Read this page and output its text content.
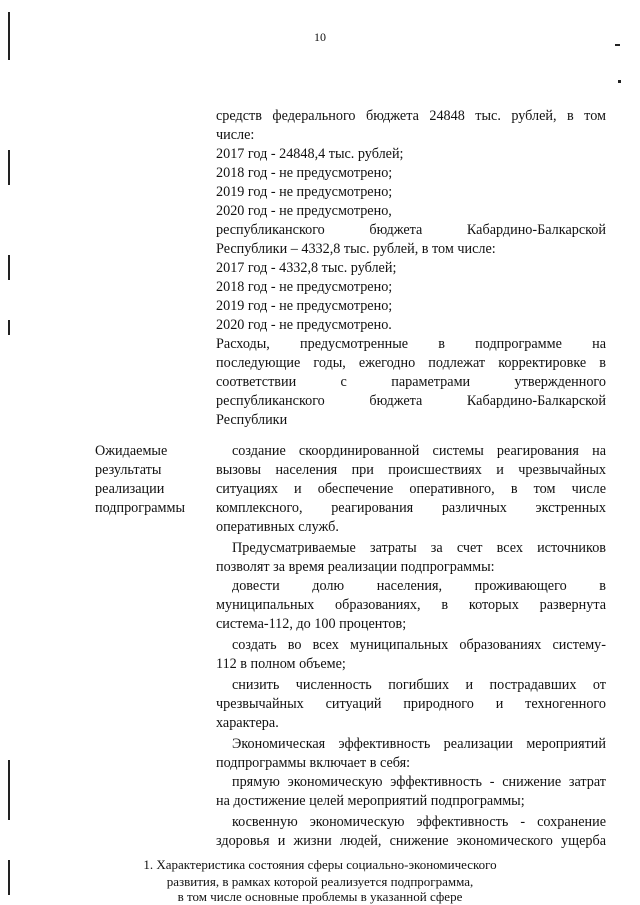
10
средств федерального бюджета 24848 тыс. рублей, в том
числе:
2017 год - 24848,4 тыс. рублей;
2018 год - не предусмотрено;
2019 год - не предусмотрено;
2020 год - не предусмотрено,
республиканского бюджета Кабардино-Балкарской
Республики – 4332,8 тыс. рублей, в том числе:
2017 год - 4332,8 тыс. рублей;
2018 год - не предусмотрено;
2019 год - не предусмотрено;
2020 год - не предусмотрено.
Расходы, предусмотренные в подпрограмме на
последующие годы, ежегодно подлежат корректировке в
соответствии с параметрами утвержденного
республиканского бюджета Кабардино-Балкарской
Республики
Ожидаемые
результаты
реализации
подпрограммы
создание скоординированной системы реагирования на
вызовы населения при происшествиях и чрезвычайных
ситуациях и обеспечение оперативного, в том числе
комплексного, реагирования различных экстренных
оперативных служб.
Предусматриваемые затраты за счет всех источников
позволят за время реализации подпрограммы:
довести долю населения, проживающего в
муниципальных образованиях, в которых развернута
система-112, до 100 процентов;
создать во всех муниципальных образованиях систему-
112 в полном объеме;
снизить численность погибших и пострадавших от
чрезвычайных ситуаций природного и техногенного
характера.
Экономическая эффективность реализации мероприятий
подпрограммы включает в себя:
прямую экономическую эффективность - снижение затрат
на достижение целей мероприятий подпрограммы;
косвенную экономическую эффективность - сохранение
здоровья и жизни людей, снижение экономического ущерба
1. Характеристика состояния сферы социально-экономического
развития, в рамках которой реализуется подпрограмма,
в том числе основные проблемы в указанной сфере
